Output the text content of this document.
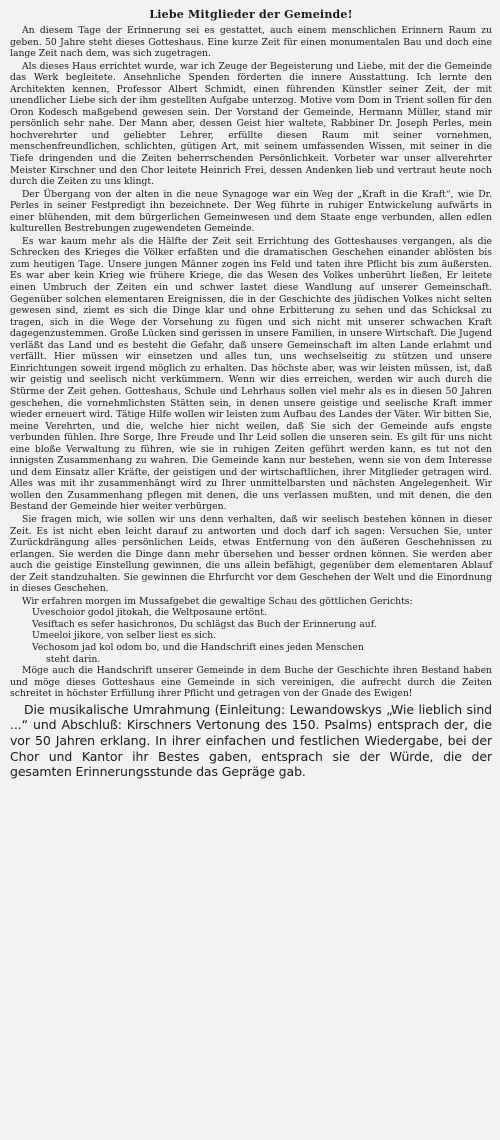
Liebe Mitglieder der Gemeinde!

An diesem Tage der Erinnerung sei es gestattet, auch einem menschlichen Erinnern Raum zu geben. 50 Jahre steht dieses Gotteshaus. Eine kurze Zeit für einen monumentalen Bau und doch eine lange Zeit nach dem, was sich zugetragen.

Als dieses Haus errichtet wurde, war ich Zeuge der Begeisterung und Liebe, mit der die Gemeinde das Werk begleitete. Ansehnliche Spenden förderten die innere Ausstattung. Ich lernte den Architekten kennen, Professor Albert Schmidt, einen führenden Künstler seiner Zeit, der mit unendlicher Liebe sich der ihm gestellten Aufgabe unterzog. Motive vom Dom in Trient sollen für den Oron Kodesch maßgebend gewesen sein. Der Vorstand der Gemeinde, Hermann Müller, stand mir persönlich sehr nahe. Der Mann aber, dessen Geist hier waltete, Rabbiner Dr. Joseph Perles, mein hochverehrter und geliebter Lehrer, erfüllte diesen Raum mit seiner vornehmen, menschenfreundlichen, schlichten, gütigen Art, mit seinem umfassenden Wissen, mit seiner in die Tiefe dringenden und die Zeiten beherrschenden Persönlichkeit. Vorbeter war unser allverehrter Meister Kirschner und den Chor leitete Heinrich Frei, dessen Andenken lieb und vertraut heute noch durch die Zeiten zu uns klingt.

Der Übergang von der alten in die neue Synagoge war ein Weg der „Kraft in die Kraft“, wie Dr. Perles in seiner Festpredigt ihn bezeichnete. Der Weg führte in ruhiger Entwickelung aufwärts in einer blühenden, mit dem bürgerlichen Gemeinwesen und dem Staate enge verbunden, allen edlen kulturellen Bestrebungen zugewendeten Gemeinde.

Es war kaum mehr als die Hälfte der Zeit seit Errichtung des Gotteshauses vergangen, als die Schrecken des Krieges die Völker erfaßten und die dramatischen Geschehen einander ablösten bis zum heutigen Tage. Unsere jungen Männer zogen ins Feld und taten ihre Pflicht bis zum äußersten. Es war aber kein Krieg wie frühere Kriege, die das Wesen des Volkes unberührt ließen, Er leitete einen Umbruch der Zeiten ein und schwer lastet diese Wandlung auf unserer Gemeinschaft. Gegenüber solchen elementaren Ereignissen, die in der Geschichte des jüdischen Volkes nicht selten gewesen sind, ziemt es sich die Dinge klar und ohne Erbitterung zu sehen und das Schicksal zu tragen, sich in die Wege der Vorsehung zu fügen und sich nicht mit unserer schwachen Kraft dagegenzustemmen. Große Lücken sind gerissen in unsere Familien, in unsere Wirtschaft. Die Jugend verläßt das Land und es besteht die Gefahr, daß unsere Gemeinschaft im alten Lande erlahmt und verfällt. Hier müssen wir einsetzen und alles tun, uns wechselseitig zu stützen und unsere Einrichtungen soweit irgend möglich zu erhalten. Das höchste aber, was wir leisten müssen, ist, daß wir geistig und seelisch nicht verkümmern. Wenn wir dies erreichen, werden wir auch durch die Stürme der Zeit gehen. Gotteshaus, Schule und Lehrhaus sollen viel mehr als es in diesen 50 Jahren geschehen, die vornehmlichsten Stätten sein, in denen unsere geistige und seelische Kraft immer wieder erneuert wird. Tätige Hilfe wollen wir leisten zum Aufbau des Landes der Väter. Wir bitten Sie, meine Verehrten, und die, welche hier nicht weilen, daß Sie sich der Gemeinde aufs engste verbunden fühlen. Ihre Sorge, Ihre Freude und Ihr Leid sollen die unseren sein. Es gilt für uns nicht eine bloße Verwaltung zu führen, wie sie in ruhigen Zeiten geführt werden kann, es tut not den innigsten Zusammenhang zu wahren. Die Gemeinde kann nur bestehen, wenn sie von dem Interesse und dem Einsatz aller Kräfte, der geistigen und der wirtschaftlichen, ihrer Mitglieder getragen wird. Alles was mit ihr zusammenhängt wird zu Ihrer unmittelbarsten und nächsten Angelegenheit. Wir wollen den Zusammenhang pflegen mit denen, die uns verlassen mußten, und mit denen, die den Bestand der Gemeinde hier weiter verbürgen.

Sie fragen mich, wie sollen wir uns denn verhalten, daß wir seelisch bestehen können in dieser Zeit. Es ist nicht eben leicht darauf zu antworten und doch darf ich sagen: Versuchen Sie, unter Zurückdrängung alles persönlichen Leids, etwas Entfernung von den äußeren Geschehnissen zu erlangen. Sie werden die Dinge dann mehr übersehen und besser ordnen können. Sie werden aber auch die geistige Einstellung gewinnen, die uns allein befähigt, gegenüber dem elementaren Ablauf der Zeit standzuhalten. Sie gewinnen die Ehrfurcht vor dem Geschehen der Welt und die Einordnung in dieses Geschehen.

Wir erfahren morgen im Mussafgebet die gewaltige Schau des göttlichen Gerichts:

Uveschoior godol jitokah, die Weltposaune ertönt.

Vesiftach es sefer hasichronos, Du schlägst das Buch der Erinnerung auf.

Umeeloi jikore, von selber liest es sich.

Vechosom jad kol odom bo, und die Handschrift eines jeden Menschen

steht darin.

Möge auch die Handschrift unserer Gemeinde in dem Buche der Geschichte ihren Bestand haben und möge dieses Gotteshaus eine Gemeinde in sich vereinigen, die aufrecht durch die Zeiten schreitet in höchster Erfüllung ihrer Pflicht und getragen von der Gnade des Ewigen!

Die musikalische Umrahmung (Einleitung: Lewandowskys „Wie lieblich sind ...“ und Abschluß: Kirschners Vertonung des 150. Psalms) entsprach der, die vor 50 Jahren erklang. In ihrer einfachen und festlichen Wiedergabe, bei der Chor und Kantor ihr Bestes gaben, entsprach sie der Würde, die der gesamten Erinnerungsstunde das Gepräge gab.
